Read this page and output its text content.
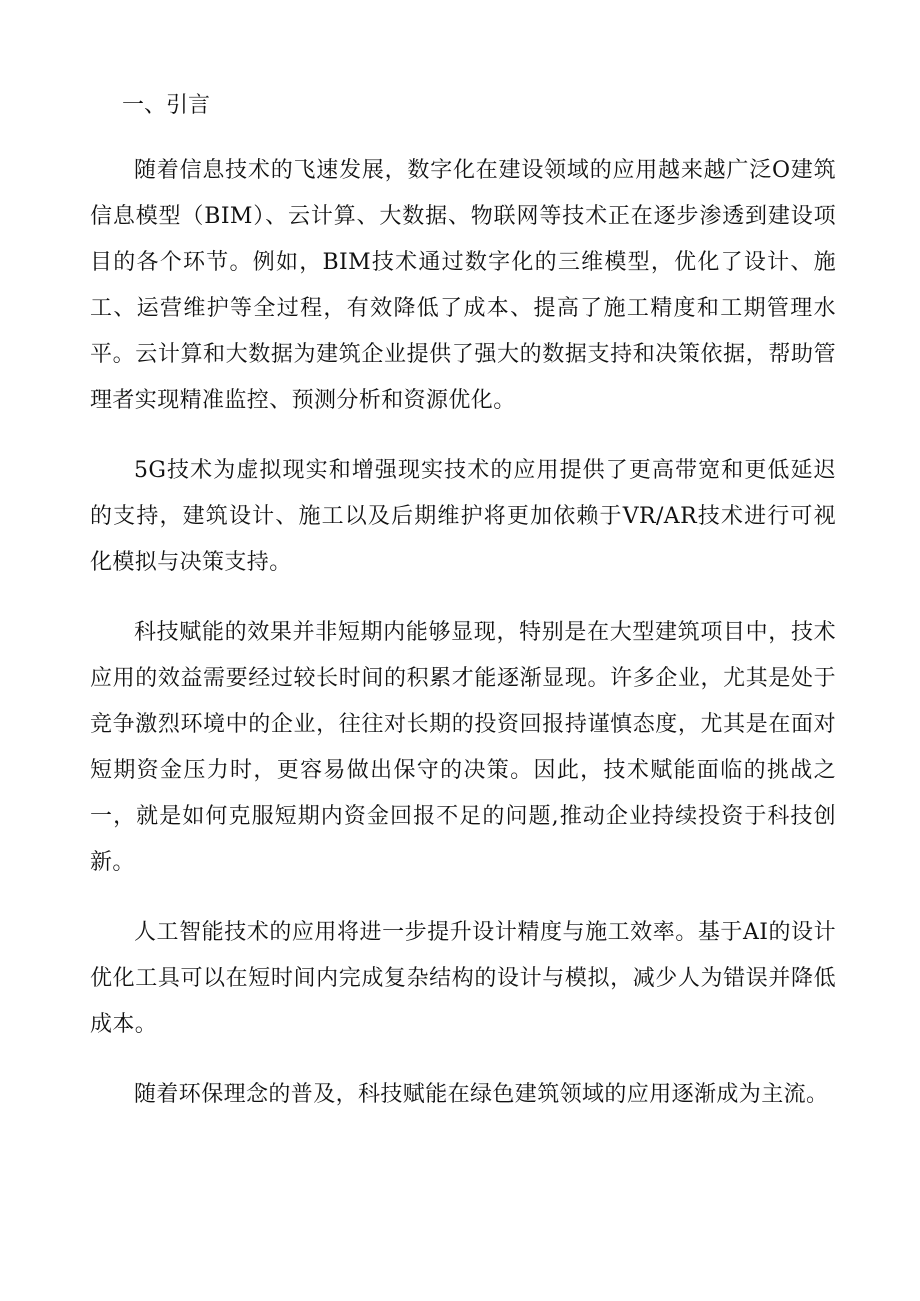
一、引言

随着信息技术的飞速发展，数字化在建设领域的应用越来越广泛O建筑信息模型（BIM）、云计算、大数据、物联网等技术正在逐步渗透到建设项目的各个环节。例如，BIM技术通过数字化的三维模型，优化了设计、施工、运营维护等全过程，有效降低了成本、提高了施工精度和工期管理水平。云计算和大数据为建筑企业提供了强大的数据支持和决策依据，帮助管理者实现精准监控、预测分析和资源优化。

5G技术为虚拟现实和增强现实技术的应用提供了更高带宽和更低延迟的支持，建筑设计、施工以及后期维护将更加依赖于VR/AR技术进行可视化模拟与决策支持。

科技赋能的效果并非短期内能够显现，特别是在大型建筑项目中，技术应用的效益需要经过较长时间的积累才能逐渐显现。许多企业，尤其是处于竞争激烈环境中的企业，往往对长期的投资回报持谨慎态度，尤其是在面对短期资金压力时，更容易做出保守的决策。因此，技术赋能面临的挑战之一，就是如何克服短期内资金回报不足的问题,推动企业持续投资于科技创新。

人工智能技术的应用将进一步提升设计精度与施工效率。基于AI的设计优化工具可以在短时间内完成复杂结构的设计与模拟，减少人为错误并降低成本。

随着环保理念的普及，科技赋能在绿色建筑领域的应用逐渐成为主流。
